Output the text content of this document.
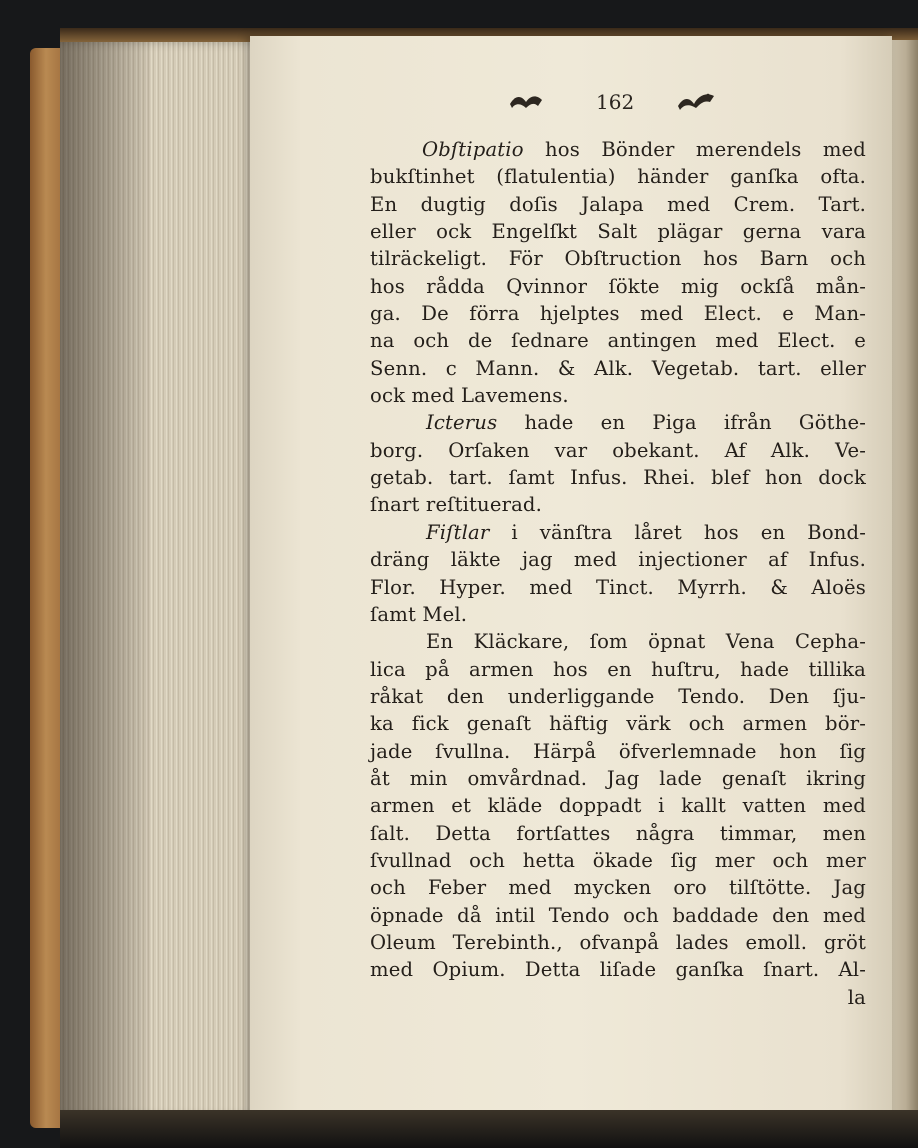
162
Obſtipatio hos Bönder merendels med
bukſtinhet (flatulentia) händer ganſka ofta.
En dugtig doſis Jalapa med Crem. Tart.
eller ock Engelſkt Salt plägar gerna vara
tilräckeligt. För Obſtruction hos Barn och
hos rådda Qvinnor ſökte mig ockſå mån-
ga. De förra hjelptes med Elect. e Man-
na och de ſednare antingen med Elect. e
Senn. c Mann. & Alk. Vegetab. tart. eller
ock med Lavemens.
Icterus hade en Piga ifrån Göthe-
borg. Orſaken var obekant. Af Alk. Ve-
getab. tart. ſamt Infus. Rhei. blef hon dock
ſnart reſtituerad.
Fiſtlar i vänſtra låret hos en Bond-
dräng läkte jag med injectioner af Infus.
Flor. Hyper. med Tinct. Myrrh. & Aloës
ſamt Mel.
En Kläckare, ſom öpnat Vena Cepha-
lica på armen hos en huſtru, hade tillika
råkat den underliggande Tendo. Den ſju-
ka fick genaſt häftig värk och armen bör-
jade ſvullna. Härpå öfverlemnade hon ſig
åt min omvårdnad. Jag lade genaſt ikring
armen et kläde doppadt i kallt vatten med
ſalt. Detta fortſattes några timmar, men
ſvullnad och hetta ökade ſig mer och mer
och Feber med mycken oro tilſtötte. Jag
öpnade då intil Tendo och baddade den med
Oleum Terebinth., ofvanpå lades emoll. gröt
med Opium. Detta liſade ganſka ſnart. Al-
la
